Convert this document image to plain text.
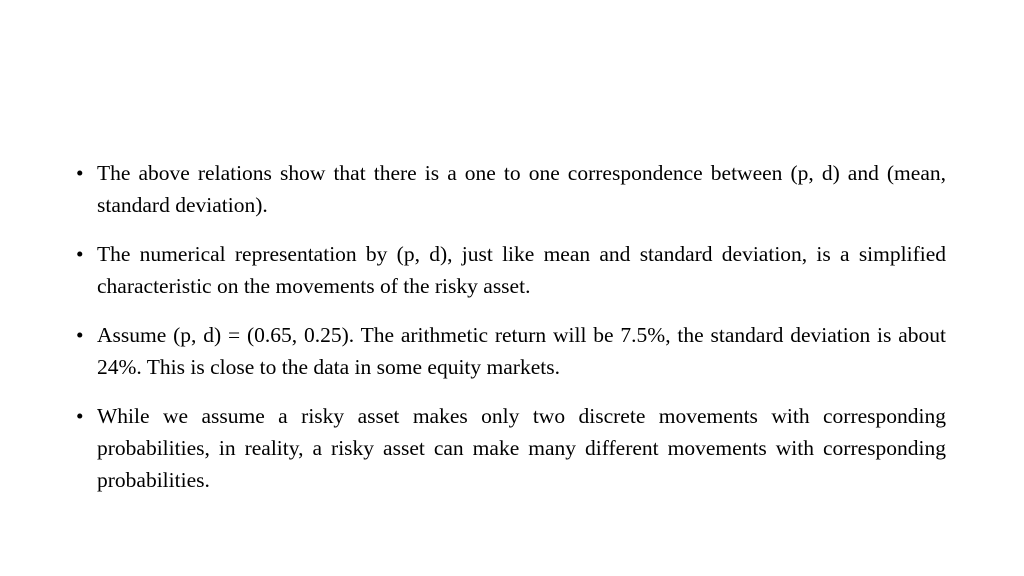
• The above relations show that there is a one to one correspondence between (p, d) and (mean, standard deviation).
• The numerical representation by (p, d), just like mean and standard deviation, is a simplified characteristic on the movements of the risky asset.
• Assume (p, d) = (0.65, 0.25). The arithmetic return will be 7.5%, the standard deviation is about 24%. This is close to the data in some equity markets.
• While we assume a risky asset makes only two discrete movements with corresponding probabilities, in reality, a risky asset can make many different movements with corresponding probabilities.
